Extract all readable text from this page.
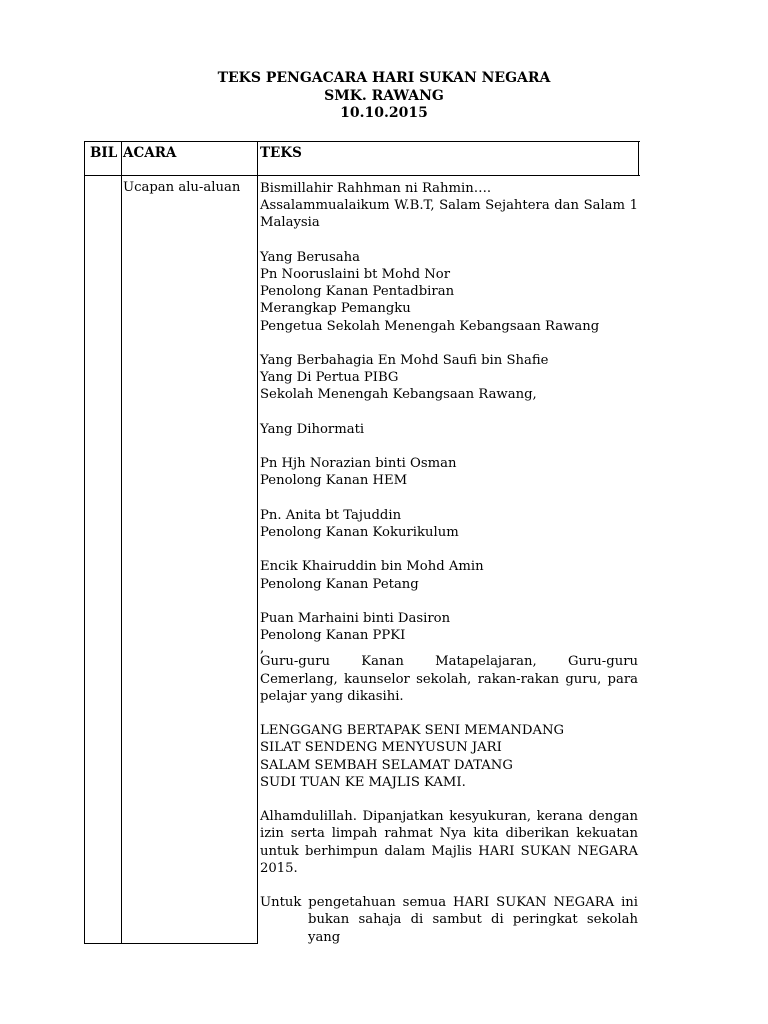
TEKS PENGACARA HARI SUKAN NEGARA
SMK. RAWANG
10.10.2015
BIL ACARA	TEKS
Ucapan alu-aluan Bismillahir Rahhman ni Rahmin….

Assalammualaikum W.B.T, Salam Sejahtera dan Salam 1 Malaysia

Yang Berusaha

Pn Nooruslaini bt Mohd Nor

Penolong Kanan Pentadbiran

Merangkap Pemangku

Pengetua Sekolah Menengah Kebangsaan Rawang

Yang Berbahagia En Mohd Saufi bin Shafie

Yang Di Pertua PIBG

Sekolah Menengah Kebangsaan Rawang,

Yang Dihormati

Pn Hjh Norazian binti Osman

Penolong Kanan HEM

Pn. Anita bt Tajuddin

Penolong Kanan Kokurikulum

Encik Khairuddin bin Mohd Amin

Penolong Kanan Petang

Puan Marhaini binti Dasiron

Penolong Kanan PPKI

,

Guru-guru Kanan Matapelajaran, Guru-guru Cemerlang, kaunselor sekolah, rakan-rakan guru, para pelajar yang dikasihi.

LENGGANG BERTAPAK SENI MEMANDANG

SILAT SENDENG MENYUSUN JARI

SALAM SEMBAH SELAMAT DATANG

SUDI TUAN KE MAJLIS KAMI.

Alhamdulillah. Dipanjatkan kesyukuran, kerana dengan izin serta limpah rahmat Nya kita diberikan kekuatan untuk berhimpun dalam Majlis HARI SUKAN NEGARA 2015.

Untuk pengetahuan semua HARI SUKAN NEGARA ini

bukan sahaja di sambut di peringkat sekolah yang
